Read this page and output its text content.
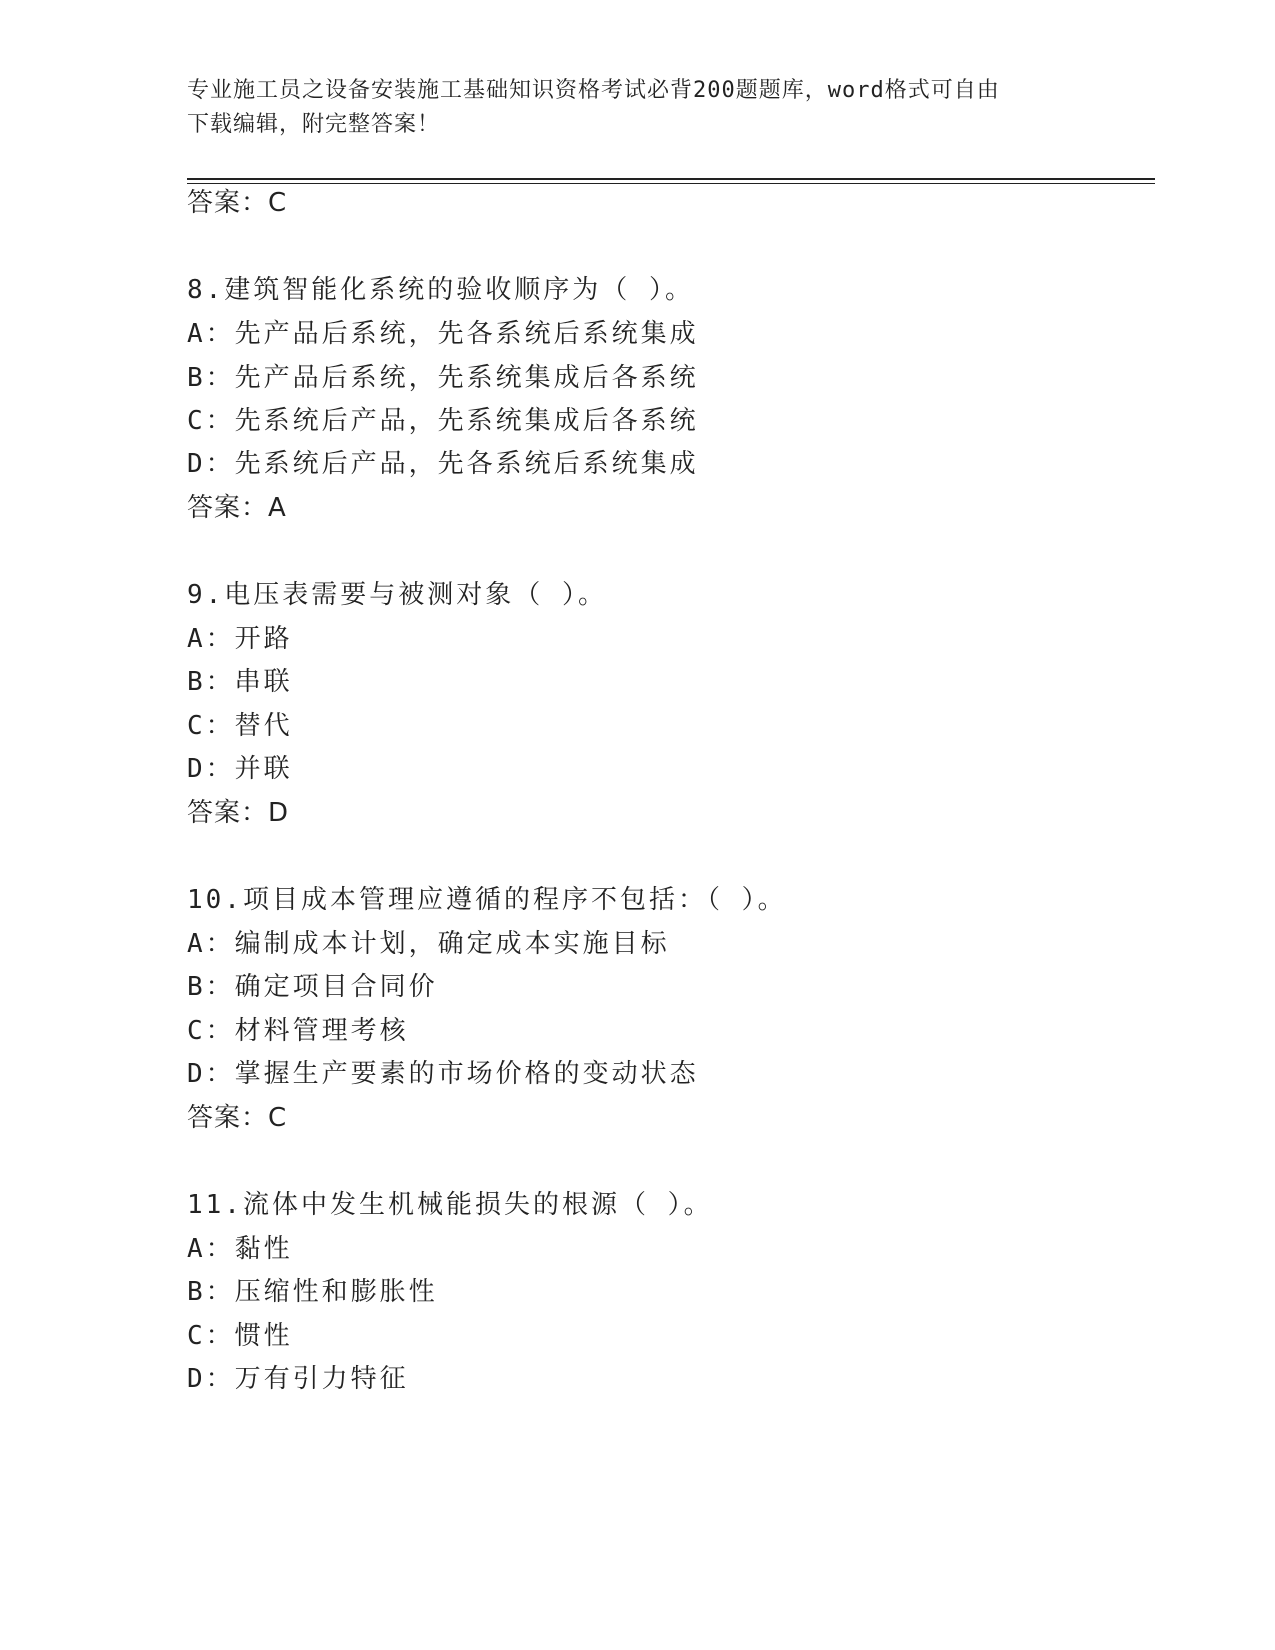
专业施工员之设备安装施工基础知识资格考试必背200题题库，word格式可自由
下载编辑，附完整答案！
答案：C
8.建筑智能化系统的验收顺序为（ ）。
A：先产品后系统，先各系统后系统集成
B：先产品后系统，先系统集成后各系统
C：先系统后产品，先系统集成后各系统
D：先系统后产品，先各系统后系统集成
答案：A
9.电压表需要与被测对象（ ）。
A：开路
B：串联
C：替代
D：并联
答案：D
10.项目成本管理应遵循的程序不包括：（ ）。
A：编制成本计划，确定成本实施目标
B：确定项目合同价
C：材料管理考核
D：掌握生产要素的市场价格的变动状态
答案：C
11.流体中发生机械能损失的根源（ ）。
A：黏性
B：压缩性和膨胀性
C：惯性
D：万有引力特征
